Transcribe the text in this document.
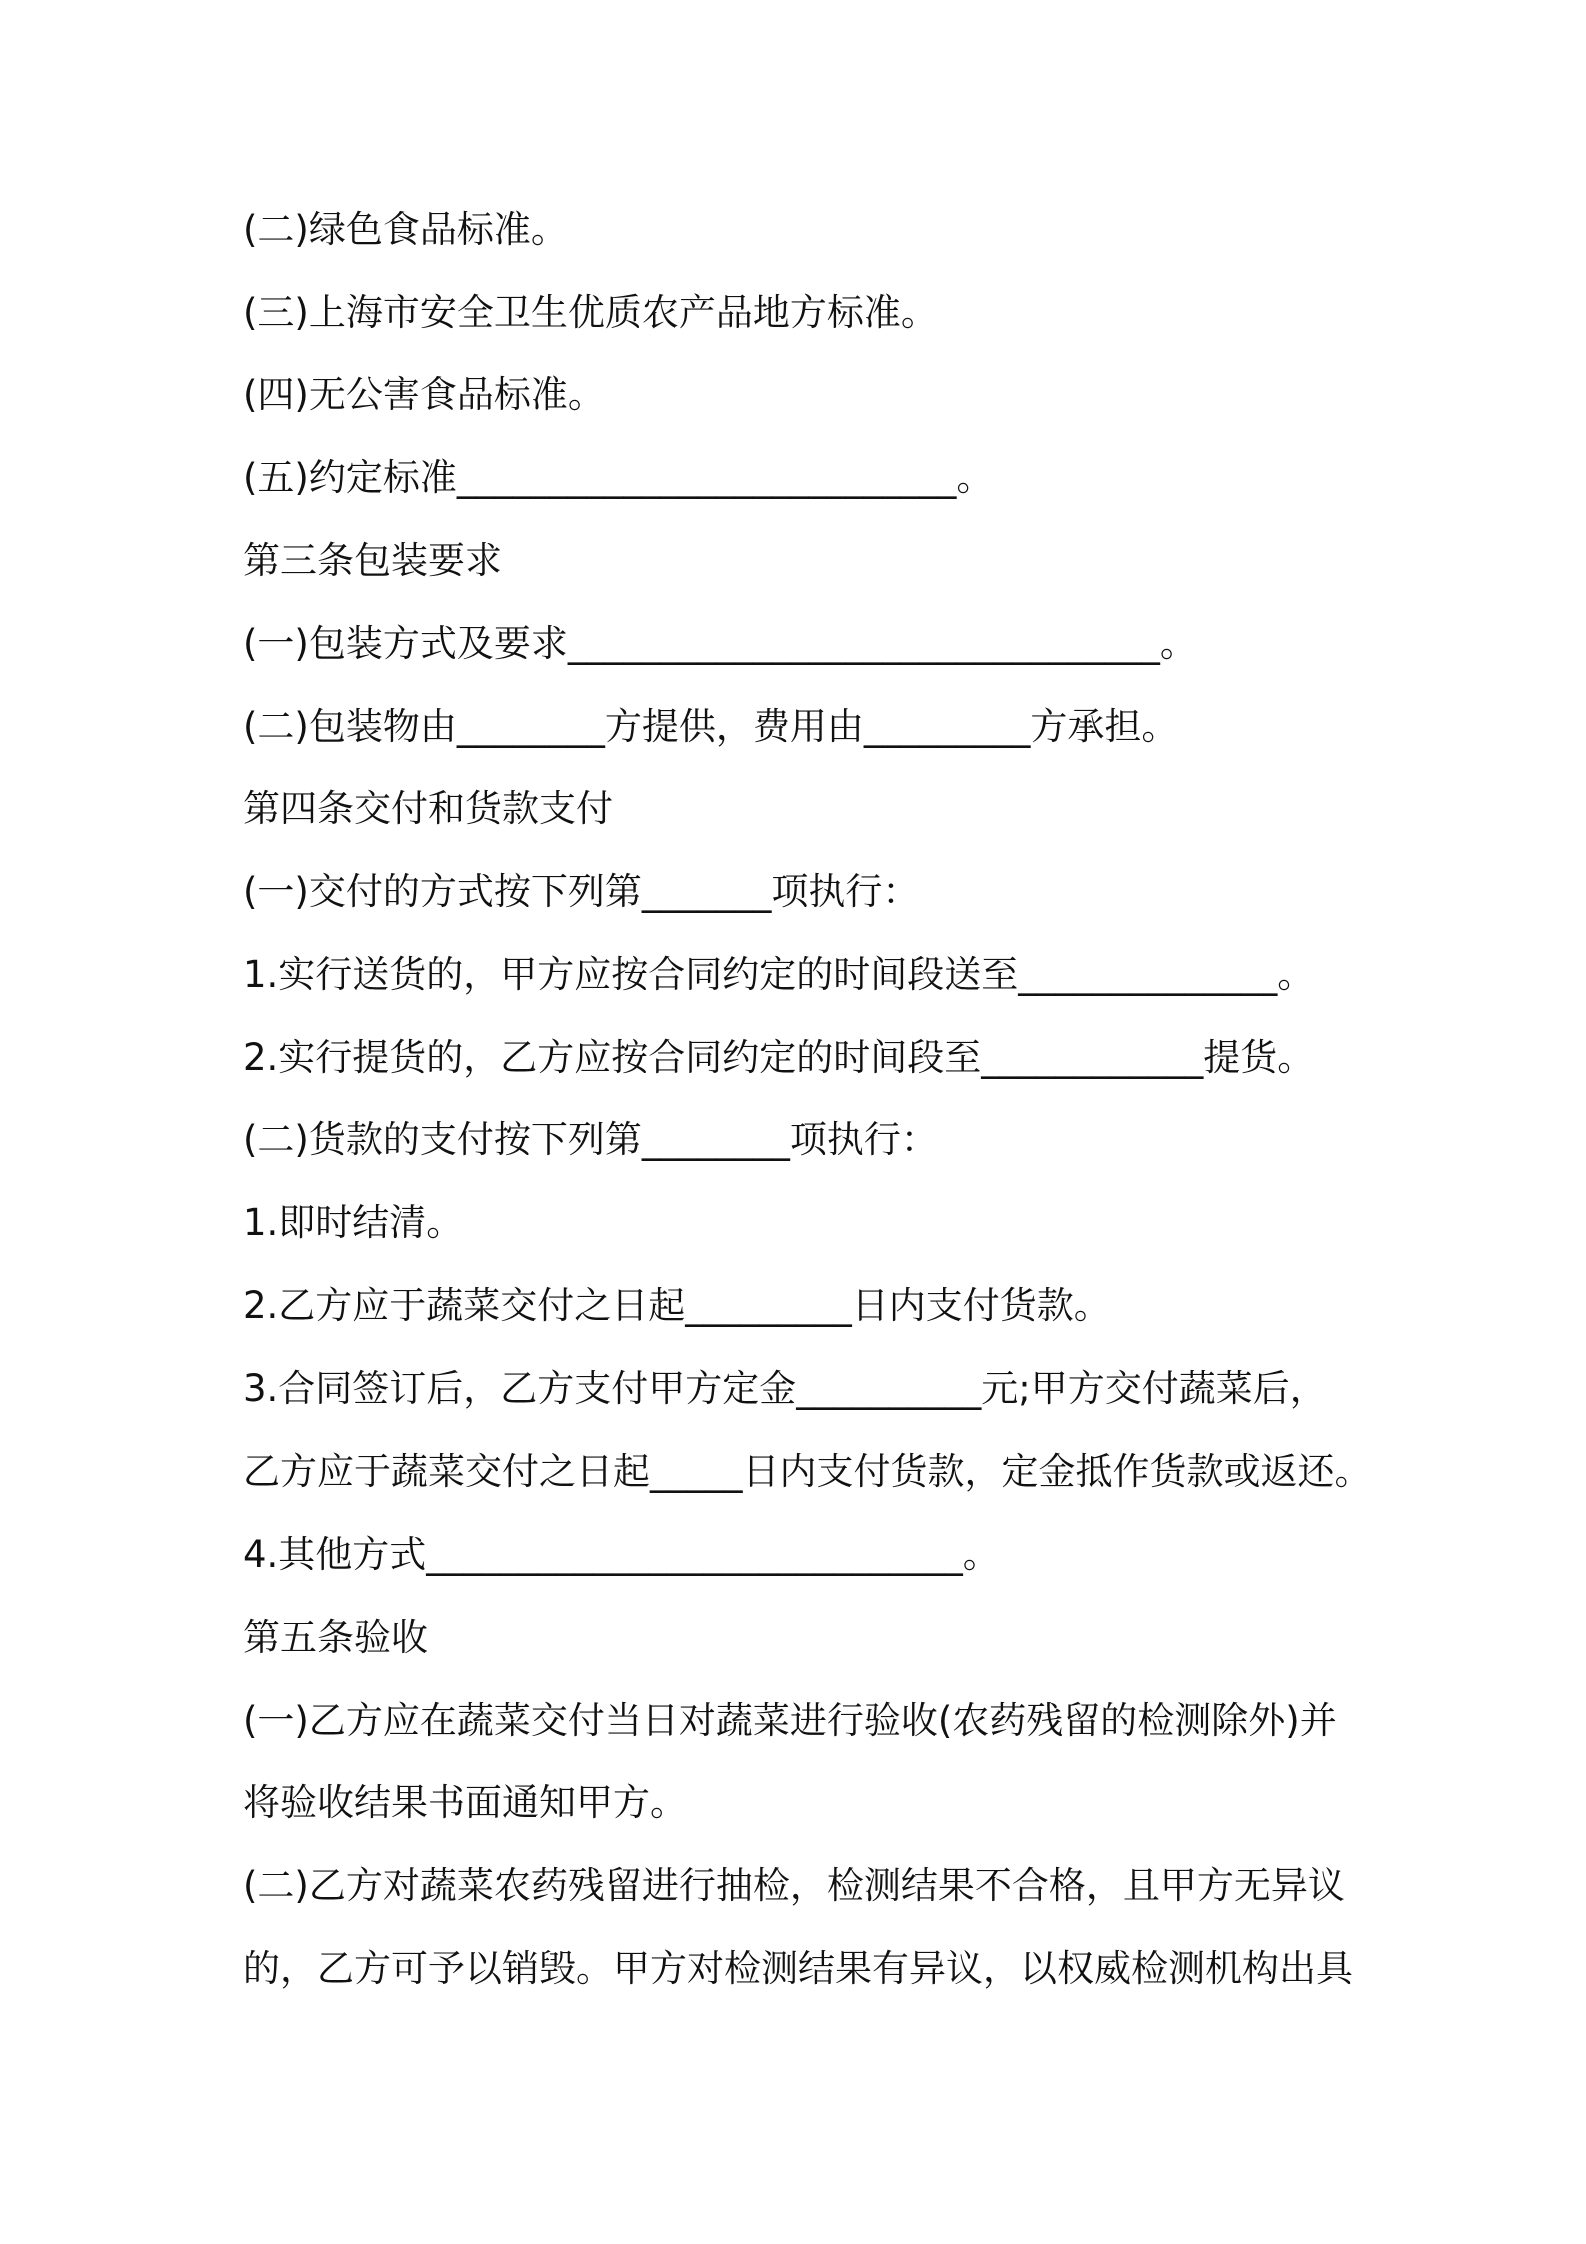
(二)绿色食品标准。
(三)上海市安全卫生优质农产品地方标准。
(四)无公害食品标准。
(五)约定标准___________________________。
第三条包装要求
(一)包装方式及要求________________________________。
(二)包装物由________方提供，费用由_________方承担。
第四条交付和货款支付
(一)交付的方式按下列第_______项执行：
1.实行送货的，甲方应按合同约定的时间段送至______________。
2.实行提货的，乙方应按合同约定的时间段至____________提货。
(二)货款的支付按下列第________项执行：
1.即时结清。
2.乙方应于蔬菜交付之日起_________日内支付货款。
3.合同签订后，乙方支付甲方定金__________元;甲方交付蔬菜后，
乙方应于蔬菜交付之日起_____日内支付货款，定金抵作货款或返还。
4.其他方式_____________________________。
第五条验收
(一)乙方应在蔬菜交付当日对蔬菜进行验收(农药残留的检测除外)并
将验收结果书面通知甲方。
(二)乙方对蔬菜农药残留进行抽检，检测结果不合格，且甲方无异议
的，乙方可予以销毁。甲方对检测结果有异议，以权威检测机构出具
